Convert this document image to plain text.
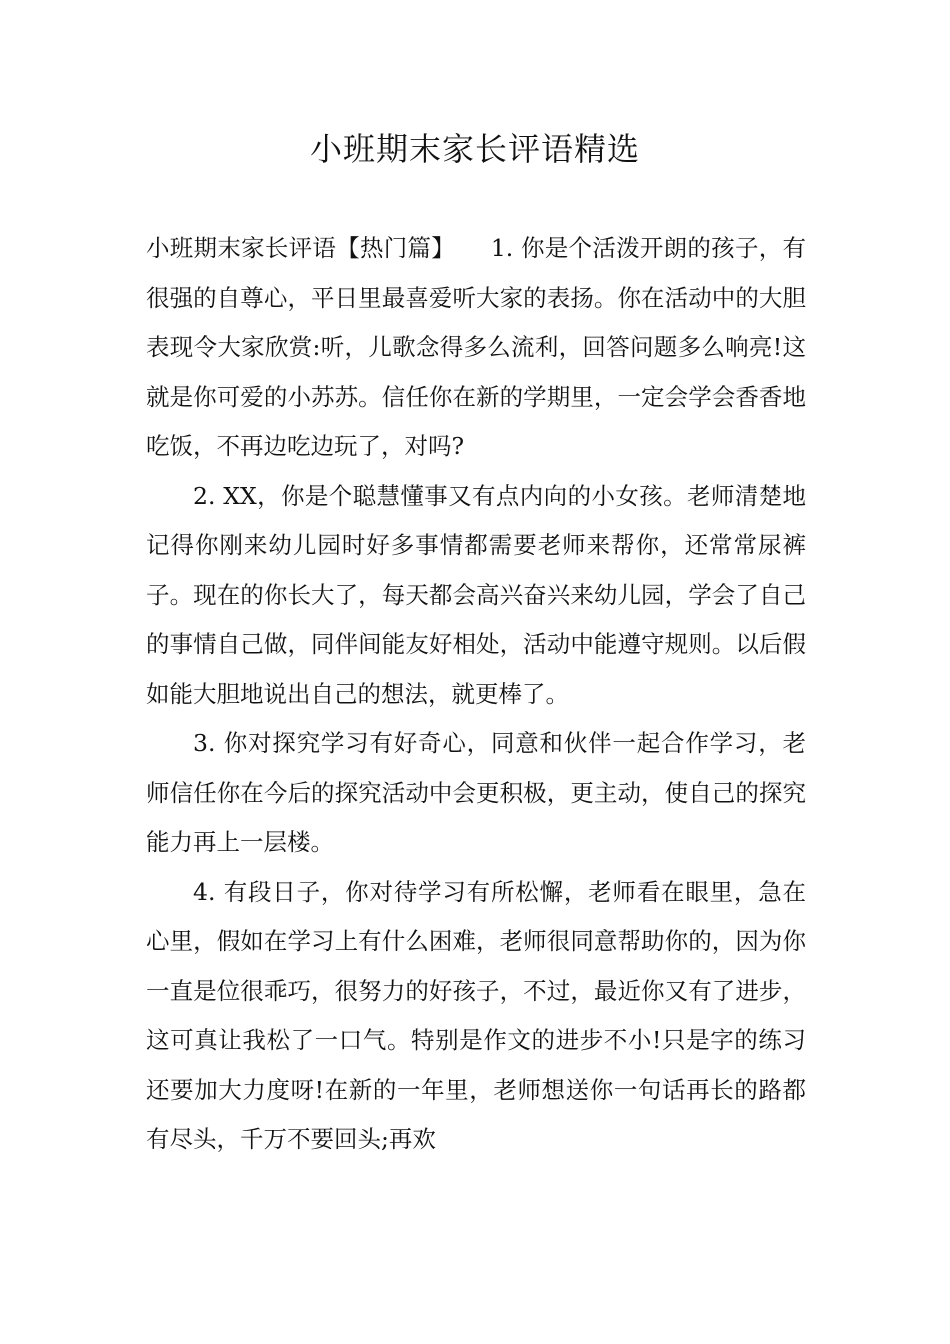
小班期末家长评语精选

小班期末家长评语【热门篇】　　1. 你是个活泼开朗的孩子，有很强的自尊心，平日里最喜爱听大家的表扬。你在活动中的大胆表现令大家欣赏:听，儿歌念得多么流利，回答问题多么响亮!这就是你可爱的小苏苏。信任你在新的学期里，一定会学会香香地吃饭，不再边吃边玩了，对吗?

2. XX，你是个聪慧懂事又有点内向的小女孩。老师清楚地记得你刚来幼儿园时好多事情都需要老师来帮你，还常常尿裤子。现在的你长大了，每天都会高兴奋兴来幼儿园，学会了自己的事情自己做，同伴间能友好相处，活动中能遵守规则。以后假如能大胆地说出自己的想法，就更棒了。

3. 你对探究学习有好奇心，同意和伙伴一起合作学习，老师信任你在今后的探究活动中会更积极，更主动，使自己的探究能力再上一层楼。

4. 有段日子，你对待学习有所松懈，老师看在眼里，急在心里，假如在学习上有什么困难，老师很同意帮助你的，因为你一直是位很乖巧，很努力的好孩子，不过，最近你又有了进步，这可真让我松了一口气。特别是作文的进步不小!只是字的练习还要加大力度呀!在新的一年里，老师想送你一句话再长的路都有尽头，千万不要回头;再欢
